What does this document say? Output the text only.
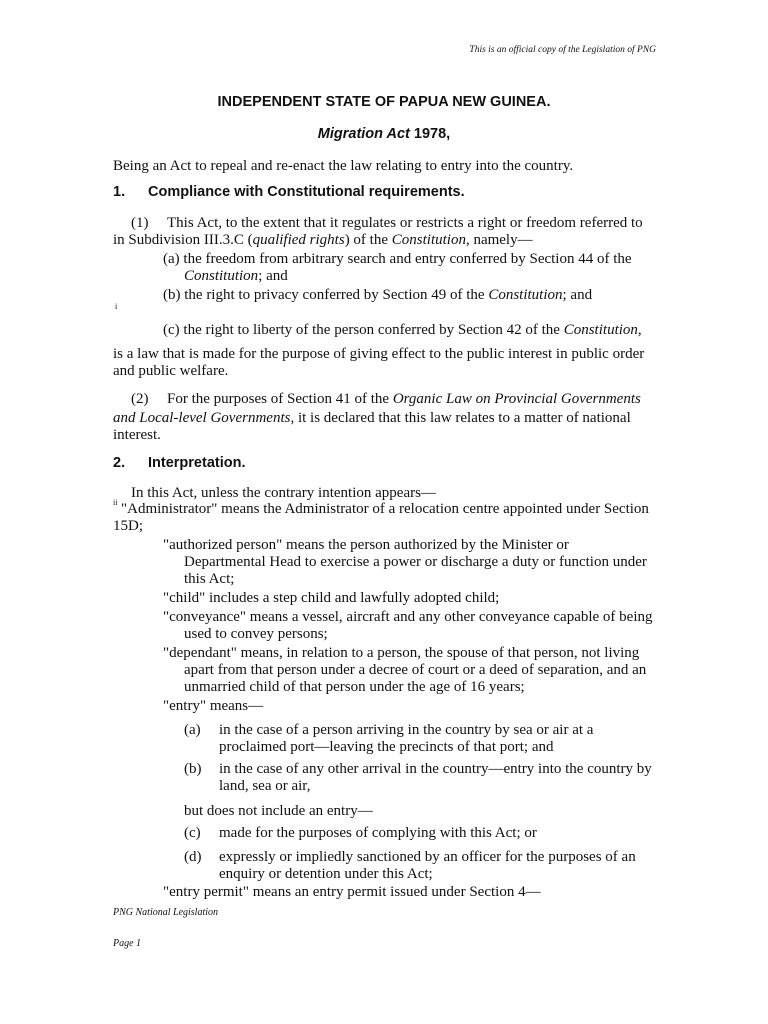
This is an official copy of the Legislation of PNG
INDEPENDENT STATE OF PAPUA NEW GUINEA.
Migration Act 1978,
Being an Act to repeal and re-enact the law relating to entry into the country.
1. Compliance with Constitutional requirements.
(1) This Act, to the extent that it regulates or restricts a right or freedom referred to
in Subdivision III.3.C (qualified rights) of the Constitution, namely—
(a) the freedom from arbitrary search and entry conferred by Section 44 of the
Constitution; and
(b) the right to privacy conferred by Section 49 of the Constitution; and
i
(c) the right to liberty of the person conferred by Section 42 of the Constitution,
is a law that is made for the purpose of giving effect to the public interest in public order
and public welfare.
(2) For the purposes of Section 41 of the Organic Law on Provincial Governments
and Local-level Governments, it is declared that this law relates to a matter of national
interest.
2. Interpretation.
In this Act, unless the contrary intention appears—
ii "Administrator" means the Administrator of a relocation centre appointed under Section
15D;
"authorized person" means the person authorized by the Minister or
Departmental Head to exercise a power or discharge a duty or function under
this Act;
"child" includes a step child and lawfully adopted child;
"conveyance" means a vessel, aircraft and any other conveyance capable of being
used to convey persons;
"dependant" means, in relation to a person, the spouse of that person, not living
apart from that person under a decree of court or a deed of separation, and an
unmarried child of that person under the age of 16 years;
"entry" means—
(a) in the case of a person arriving in the country by sea or air at a
proclaimed port—leaving the precincts of that port; and
(b) in the case of any other arrival in the country—entry into the country by
land, sea or air,
but does not include an entry—
(c) made for the purposes of complying with this Act; or
(d) expressly or impliedly sanctioned by an officer for the purposes of an
enquiry or detention under this Act;
"entry permit" means an entry permit issued under Section 4—
PNG National Legislation
Page 1
